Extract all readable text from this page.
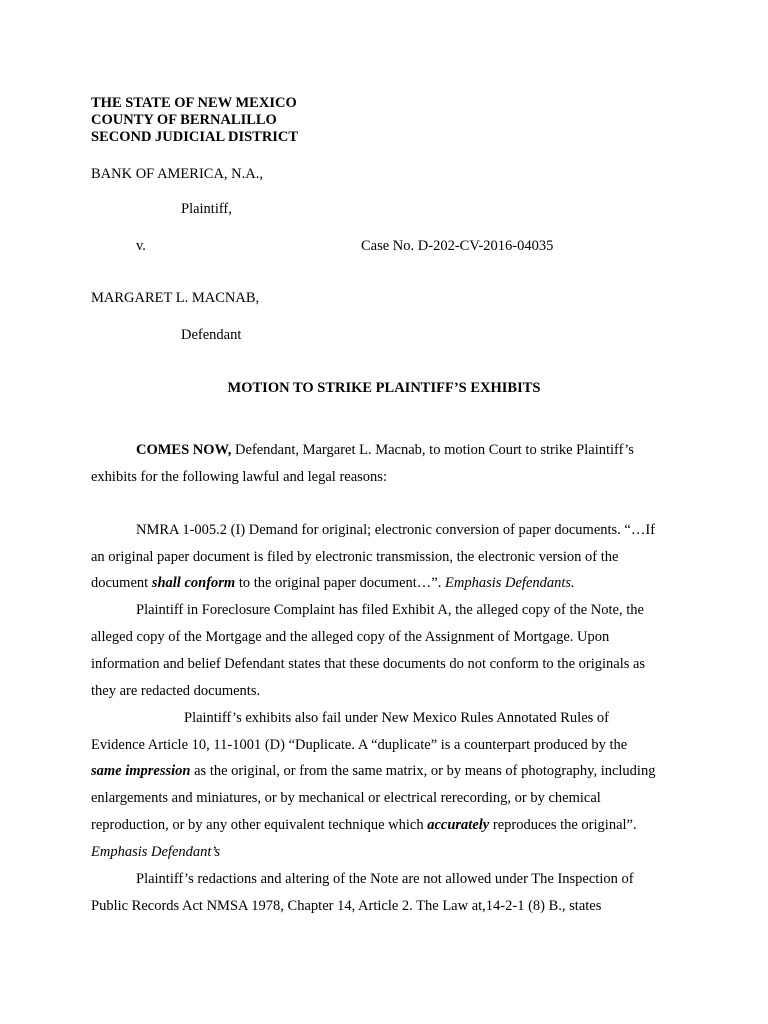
THE STATE OF NEW MEXICO
COUNTY OF BERNALILLO
SECOND JUDICIAL DISTRICT
BANK OF AMERICA, N.A.,
Plaintiff,
v.	Case No. D-202-CV-2016-04035
MARGARET L. MACNAB,
Defendant
MOTION TO STRIKE PLAINTIFF’S EXHIBITS
COMES NOW, Defendant, Margaret L. Macnab, to motion Court to strike Plaintiff’s
exhibits for the following lawful and legal reasons:
NMRA 1-005.2 (I) Demand for original; electronic conversion of paper documents. “…If
an original paper document is filed by electronic transmission, the electronic version of the
document shall conform to the original paper document…”. Emphasis Defendants.
Plaintiff in Foreclosure Complaint has filed Exhibit A, the alleged copy of the Note, the
alleged copy of the Mortgage and the alleged copy of the Assignment of Mortgage. Upon
information and belief Defendant states that these documents do not conform to the originals as
they are redacted documents.
Plaintiff’s exhibits also fail under New Mexico Rules Annotated Rules of
Evidence Article 10, 11-1001 (D) “Duplicate. A “duplicate” is a counterpart produced by the
same impression as the original, or from the same matrix, or by means of photography, including
enlargements and miniatures, or by mechanical or electrical rerecording, or by chemical
reproduction, or by any other equivalent technique which accurately reproduces the original”.
Emphasis Defendant’s
Plaintiff’s redactions and altering of the Note are not allowed under The Inspection of
Public Records Act NMSA 1978, Chapter 14, Article 2. The Law at,14-2-1 (8) B., states
